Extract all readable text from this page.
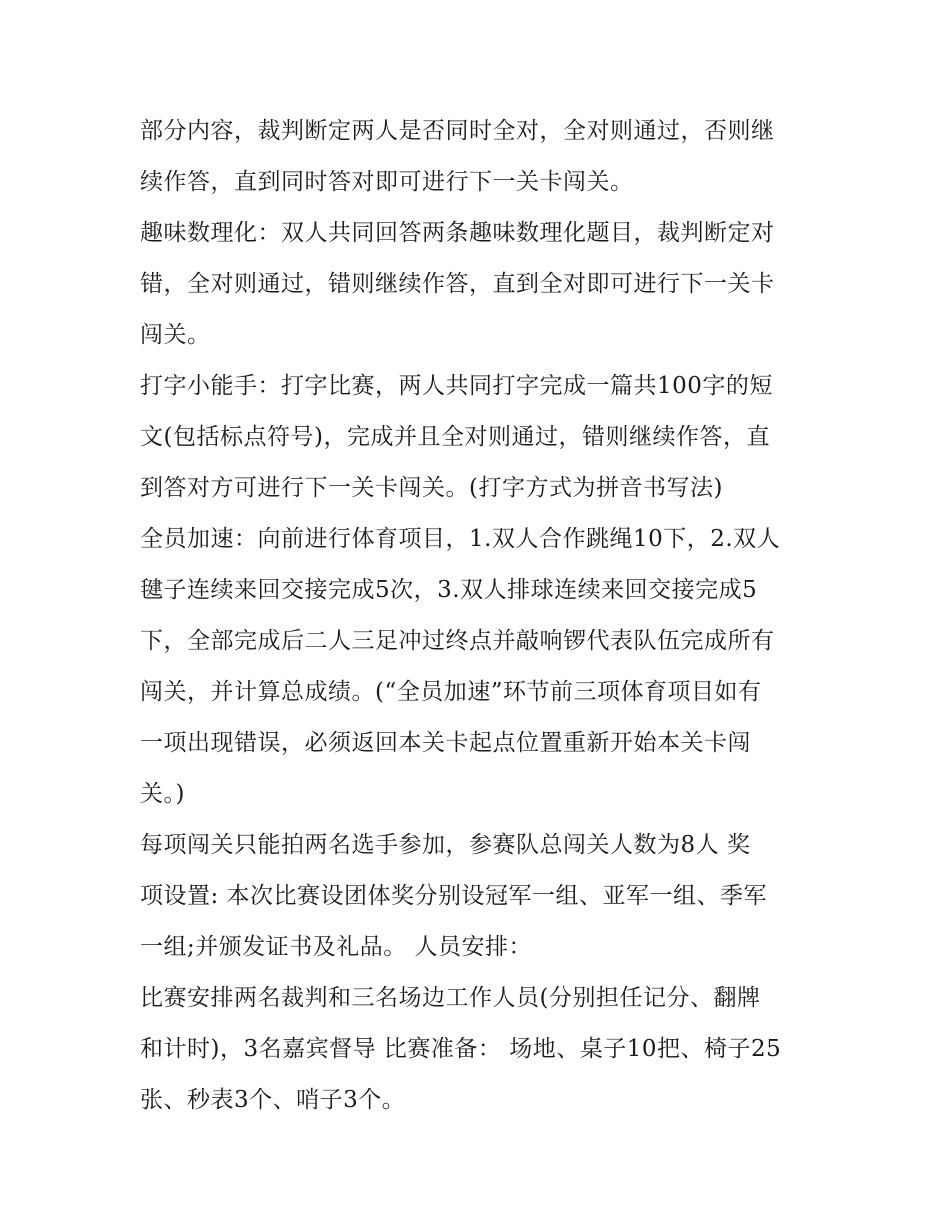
部分内容，裁判断定两人是否同时全对，全对则通过，否则继
续作答，直到同时答对即可进行下一关卡闯关。
趣味数理化：双人共同回答两条趣味数理化题目，裁判断定对
错，全对则通过，错则继续作答，直到全对即可进行下一关卡
闯关。
打字小能手：打字比赛，两人共同打字完成一篇共100字的短
文(包括标点符号)，完成并且全对则通过，错则继续作答，直
到答对方可进行下一关卡闯关。(打字方式为拼音书写法)
全员加速：向前进行体育项目，1.双人合作跳绳10下，2.双人
毽子连续来回交接完成5次，3.双人排球连续来回交接完成5
下，全部完成后二人三足冲过终点并敲响锣代表队伍完成所有
闯关，并计算总成绩。(“全员加速”环节前三项体育项目如有
一项出现错误，必须返回本关卡起点位置重新开始本关卡闯
关。)
每项闯关只能拍两名选手参加，参赛队总闯关人数为8人 奖
项设置: 本次比赛设团体奖分别设冠军一组、亚军一组、季军
一组;并颁发证书及礼品。 人员安排：
比赛安排两名裁判和三名场边工作人员(分别担任记分、翻牌
和计时)，3名嘉宾督导 比赛准备： 场地、桌子10把、椅子25
张、秒表3个、哨子3个。
